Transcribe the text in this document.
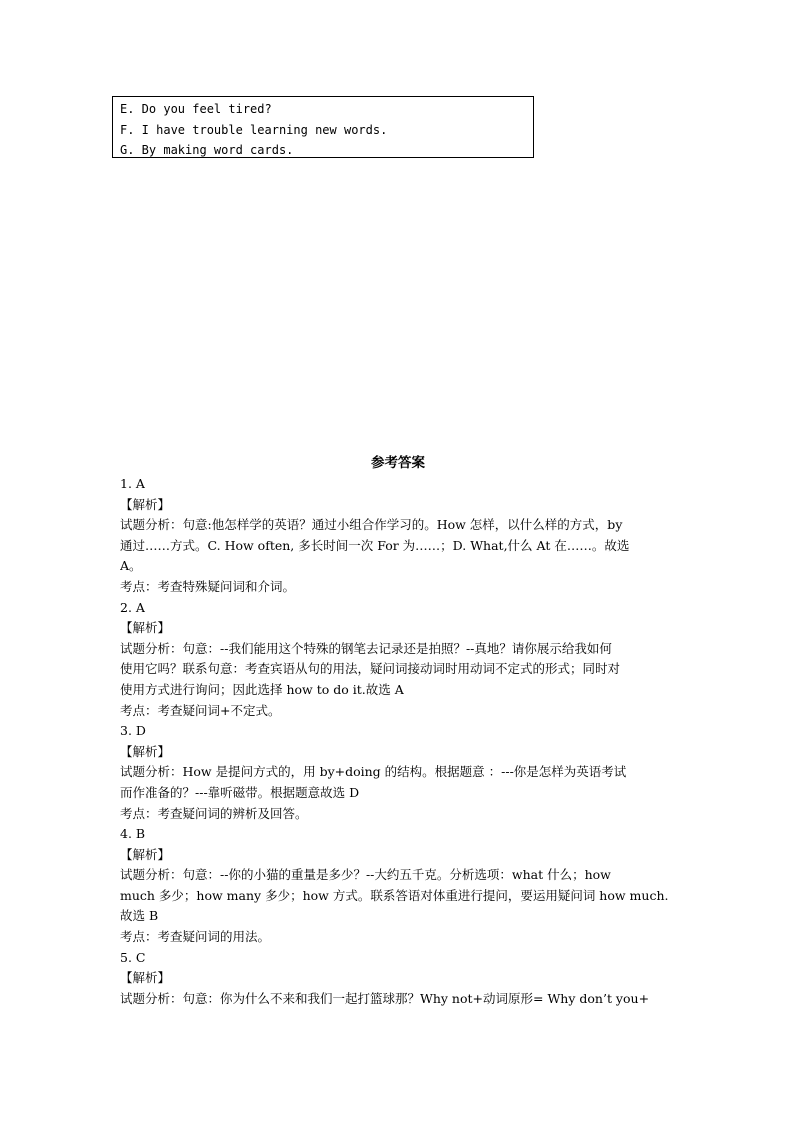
E. Do you feel tired?
F. I have trouble learning new words.
G. By making word cards.
参考答案
1. A
【解析】
试题分析：句意:他怎样学的英语？通过小组合作学习的。How 怎样，以什么样的方式，by
通过……方式。C. How often, 多长时间一次 For 为……；D. What,什么 At 在……。故选
A。
考点：考查特殊疑问词和介词。
2. A
【解析】
试题分析：句意：--我们能用这个特殊的钢笔去记录还是拍照？--真地？请你展示给我如何
使用它吗？联系句意：考查宾语从句的用法，疑问词接动词时用动词不定式的形式；同时对
使用方式进行询问；因此选择 how to do it.故选 A
考点：考查疑问词+不定式。
3. D
【解析】
试题分析：How 是提问方式的，用 by+doing 的结构。根据题意 ：---你是怎样为英语考试
而作准备的？---靠听磁带。根据题意故选 D
考点：考查疑问词的辨析及回答。
4. B
【解析】
试题分析：句意：--你的小猫的重量是多少？--大约五千克。分析选项：what 什么；how
much 多少；how many 多少；how 方式。联系答语对体重进行提问，要运用疑问词 how much.
故选 B
考点：考查疑问词的用法。
5. C
【解析】
试题分析：句意：你为什么不来和我们一起打篮球那？Why not+动词原形= Why don’t you+
